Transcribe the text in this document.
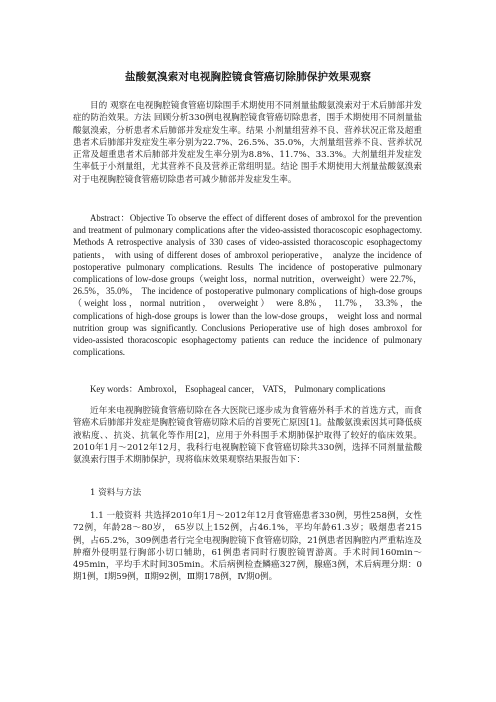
盐酸氨溴索对电视胸腔镜食管癌切除肺保护效果观察

目的 观察在电视胸腔镜食管癌切除围手术期使用不同剂量盐酸氨溴索对于术后肺部并发症的防治效果。方法 回顾分析330例电视胸腔镜食管癌切除患者，围手术期使用不同剂量盐酸氨溴索，分析患者术后肺部并发症发生率。结果 小剂量组营养不良、营养状况正常及超重患者术后肺部并发症发生率分别为22.7%、26.5%、35.0%，大剂量组营养不良、营养状况正常及超重患者术后肺部并发症发生率分别为8.8%、11.7%、33.3%。大剂量组并发症发生率低于小剂量组，尤其营养不良及营养正常组明显。结论 围手术期使用大剂量盐酸氨溴索对于电视胸腔镜食管癌切除患者可减少肺部并发症发生率。

Abstract：Objective To observe the effect of different doses of ambroxol for the prevention and treatment of pulmonary complications after the video-assisted thoracoscopic esophagectomy. Methods A retrospective analysis of 330 cases of video-assisted thoracoscopic esophagectomy patients， with using of different doses of ambroxol perioperative， analyze the incidence of postoperative pulmonary complications. Results The incidence of postoperative pulmonary complications of low-dose groups（weight loss，normal nutrition，overweight）were 22.7%，26.5%，35.0%， The incidence of postoperative pulmonary complications of high-dose groups（weight loss，normal nutrition， overweight） were 8.8%， 11.7%， 33.3%，the complications of high-dose groups is lower than the low-dose groups， weight loss and normal nutrition group was significantly. Conclusions Perioperative use of high doses ambroxol for video-assisted thoracoscopic esophagectomy patients can reduce the incidence of pulmonary complications.

Key words：Ambroxol， Esophageal cancer， VATS， Pulmonary complications

近年来电视胸腔镜食管癌切除在各大医院已逐步成为食管癌外科手术的首选方式，而食管癌术后肺部并发症是胸腔镜食管癌切除术后的首要死亡原因[1]。盐酸氨溴索因其可降低痰液粘度、、抗炎、抗氧化等作用[2]，应用于外科围手术期肺保护取得了较好的临床效果。2010年1月～2012年12月，我科行电视胸腔镜下食管癌切除共330例，选择不同剂量盐酸氨溴索行围手术期肺保护，现将临床效果观察结果报告如下：

1 资料与方法

1.1 一般资料 共选择2010年1月～2012年12月食管癌患者330例，男性258例，女性72例，年龄28～80岁， 65岁以上152例，占46.1%，平均年龄61.3岁；吸烟患者215例，占65.2%，309例患者行完全电视胸腔镜下食管癌切除，21例患者因胸腔内严重粘连及肿瘤外侵明显行胸部小切口辅助，61例患者同时行腹腔镜胃游离。手术时间160min～495min，平均手术时间305min。术后病例检查鳞癌327例，腺癌3例，术后病理分期：0期1例，Ⅰ期59例，Ⅱ期92例，Ⅲ期178例，Ⅳ期0例。
